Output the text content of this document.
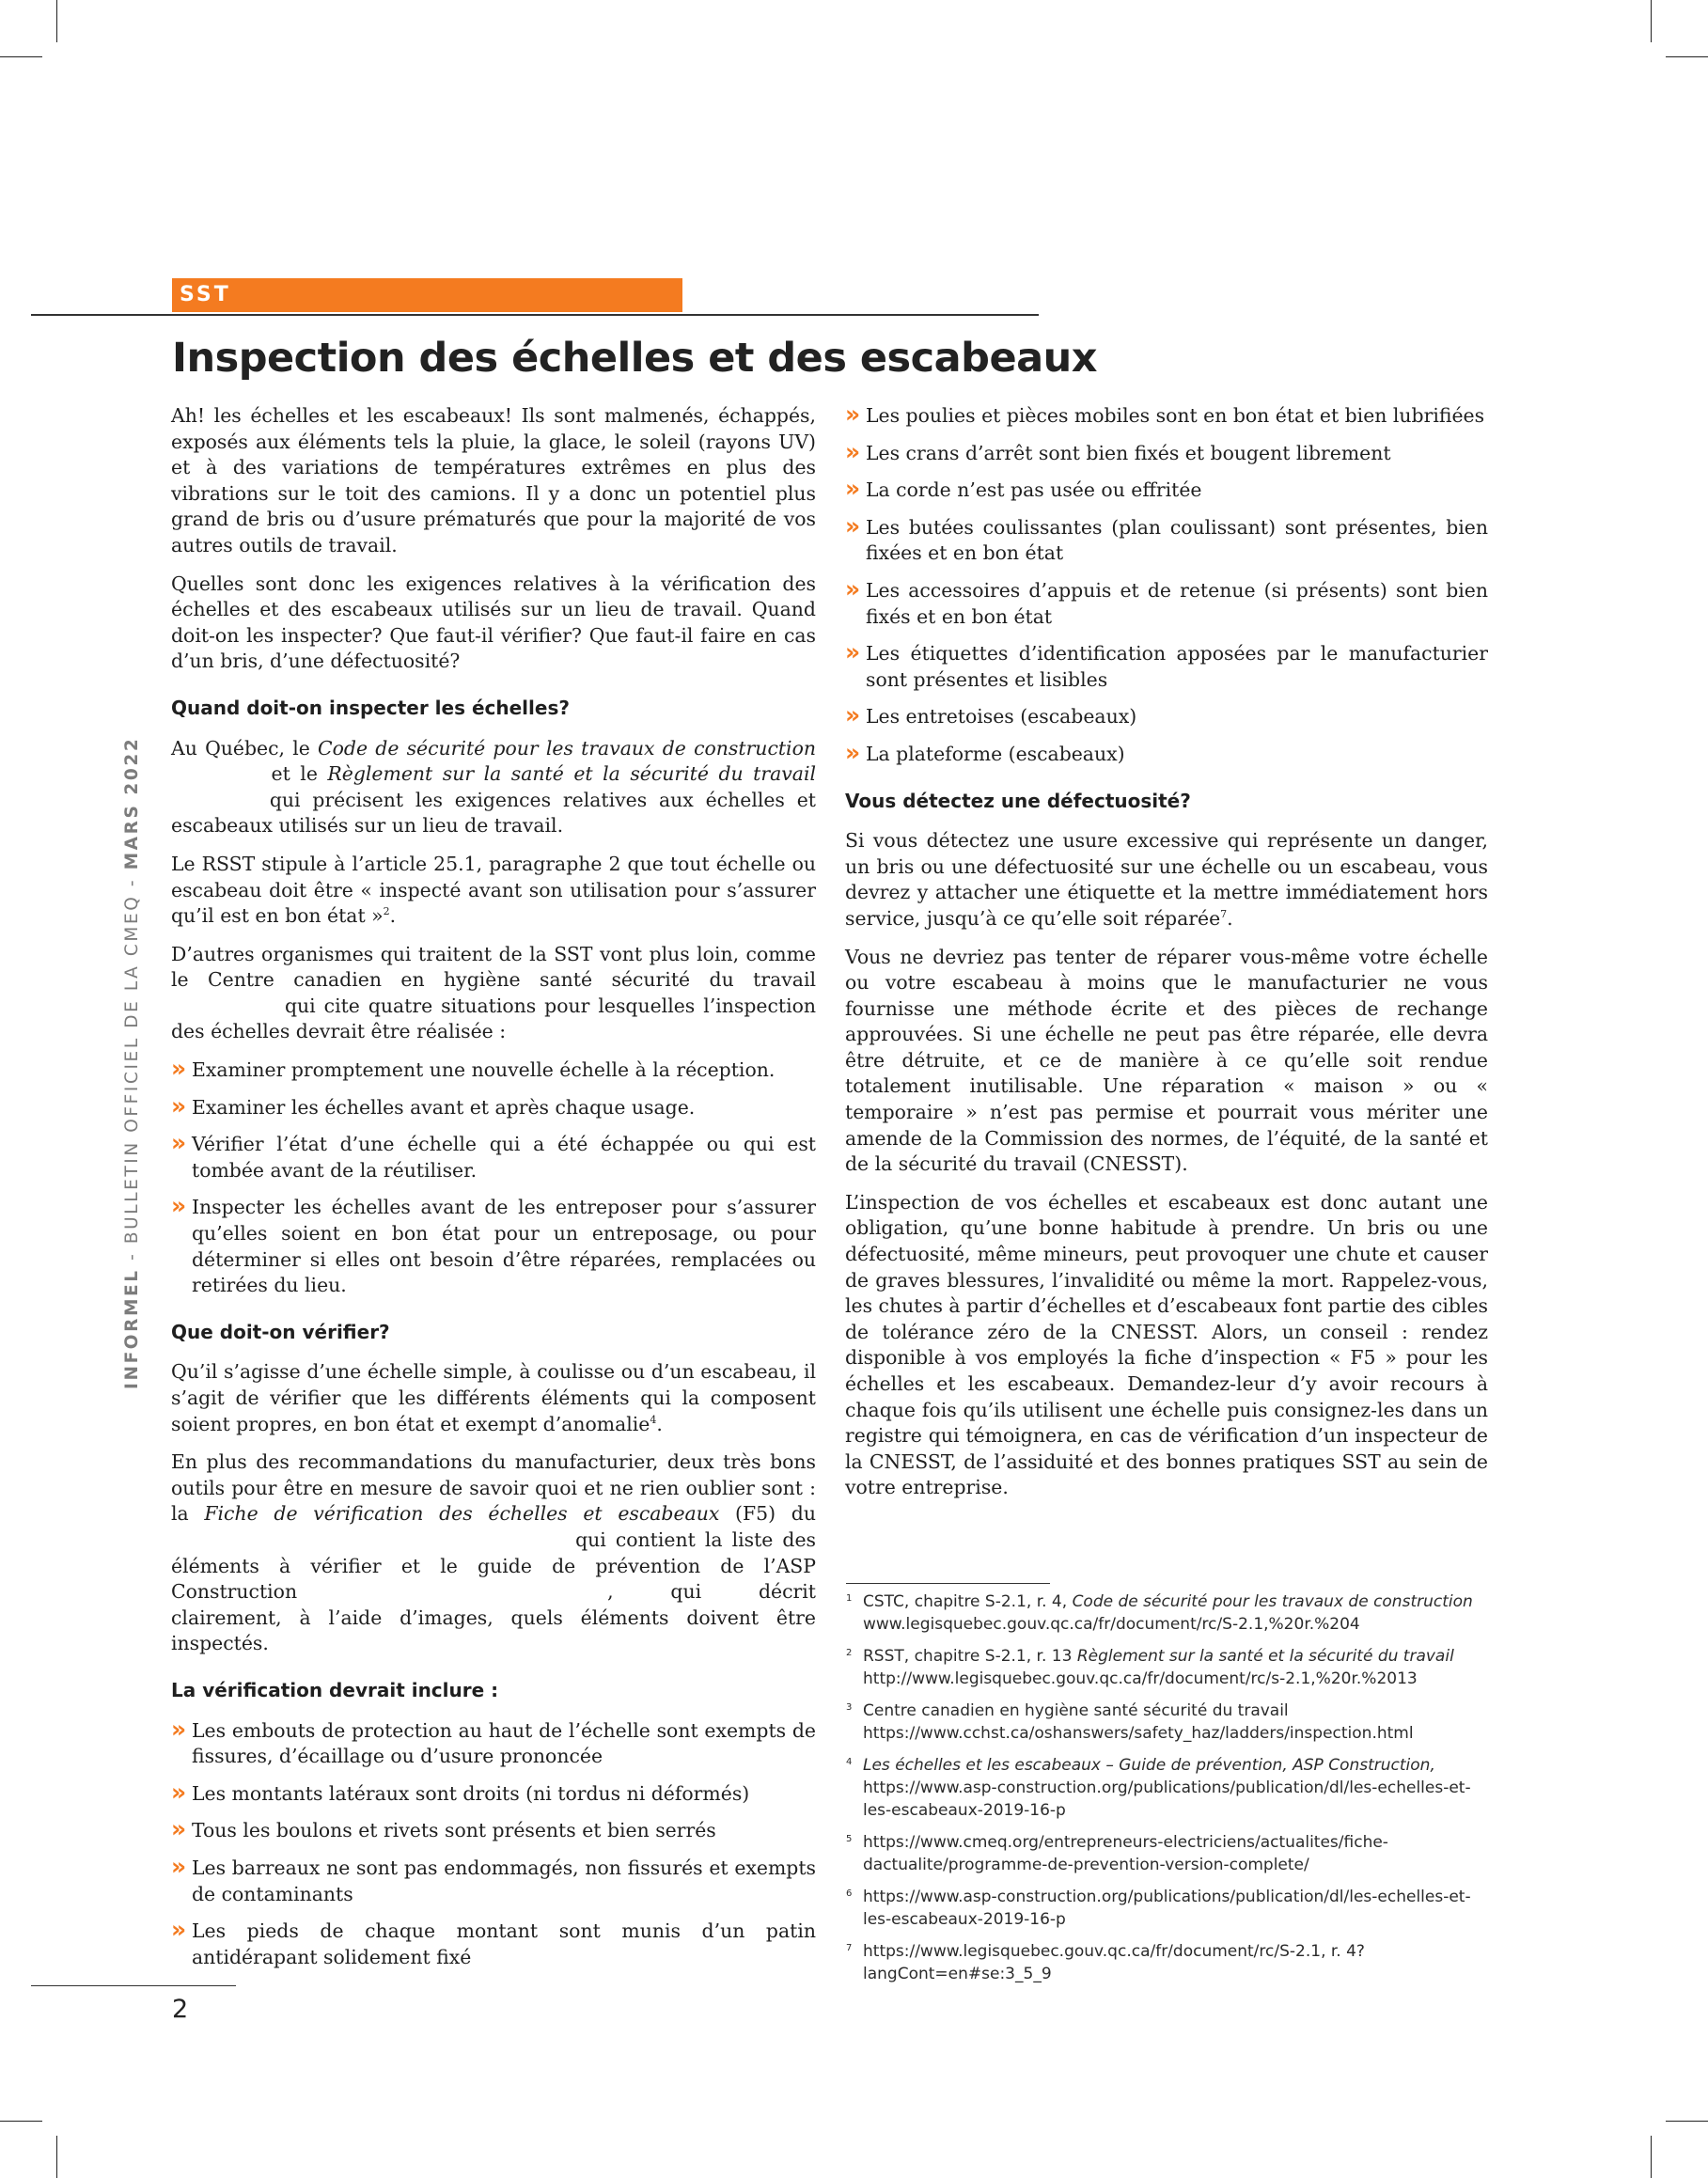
SST
Inspection des échelles et des escabeaux
INFORMEL - BULLETIN OFFICIEL DE LA CMEQ - MARS 2022

Ah! les échelles et les escabeaux! Ils sont malmenés, échappés, exposés aux éléments tels la pluie, la glace, le soleil (rayons UV) et à des variations de températures extrêmes en plus des vibrations sur le toit des camions. Il y a donc un potentiel plus grand de bris ou d’usure prématurés que pour la majorité de vos autres outils de travail.

Quelles sont donc les exigences relatives à la vérification des échelles et des escabeaux utilisés sur un lieu de travail. Quand doit-on les inspecter? Que faut-il vérifier? Que faut-il faire en cas d’un bris, d’une défectuosité?

Quand doit-on inspecter les échelles?

Au Québec, le Code de sécurité pour les travaux de construction et le Règlement sur la santé et la sécurité du travail qui précisent les exigences relatives aux échelles et escabeaux utilisés sur un lieu de travail.

Le RSST stipule à l’article 25.1, paragraphe 2 que tout échelle ou escabeau doit être « inspecté avant son utilisation pour s’assurer qu’il est en bon état »$^2$.

D’autres organismes qui traitent de la SST vont plus loin, comme le Centre canadien en hygiène santé sécurité du travail qui cite quatre situations pour lesquelles l’inspection des échelles devrait être réalisée :

» Examiner promptement une nouvelle échelle à la réception.
» Examiner les échelles avant et après chaque usage.
» Vérifier l’état d’une échelle qui a été échappée ou qui est tombée avant de la réutiliser.
» Inspecter les échelles avant de les entreposer pour s’assurer qu’elles soient en bon état pour un entreposage, ou pour déterminer si elles ont besoin d’être réparées, remplacées ou retirées du lieu.
Que doit-on vérifier?

Qu’il s’agisse d’une échelle simple, à coulisse ou d’un escabeau, il s’agit de vérifier que les différents éléments qui la composent soient propres, en bon état et exempt d’anomalie$^4$.

En plus des recommandations du manufacturier, deux très bons outils pour être en mesure de savoir quoi et ne rien oublier sont : la Fiche de vérification des échelles et escabeaux (F5) du qui contient la liste des éléments à vérifier et le guide de prévention de l’ASP Construction	, qui décrit clairement, à l’aide d’images, quels éléments doivent être inspectés.

La vérification devrait inclure :
» Les embouts de protection au haut de l’échelle sont exempts de fissures, d’écaillage ou d’usure prononcée
» Les montants latéraux sont droits (ni tordus ni déformés)
» Tous les boulons et rivets sont présents et bien serrés
» Les barreaux ne sont pas endommagés, non fissurés et exempts de contaminants
» Les pieds de chaque montant sont munis d’un patin antidérapant solidement fixé
» Les poulies et pièces mobiles sont en bon état et bien lubrifiées
» Les crans d’arrêt sont bien fixés et bougent librement
» La corde n’est pas usée ou effritée
» Les butées coulissantes (plan coulissant) sont présentes, bien fixées et en bon état
» Les accessoires d’appuis et de retenue (si présents) sont bien fixés et en bon état
» Les étiquettes d’identification apposées par le manufacturier sont présentes et lisibles
» Les entretoises (escabeaux)
» La plateforme (escabeaux)
Vous détectez une défectuosité?

Si vous détectez une usure excessive qui représente un danger, un bris ou une défectuosité sur une échelle ou un escabeau, vous devrez y attacher une étiquette et la mettre immédiatement hors service, jusqu’à ce qu’elle soit réparée$^7$.

Vous ne devriez pas tenter de réparer vous-même votre échelle ou votre escabeau à moins que le manufacturier ne vous fournisse une méthode écrite et des pièces de rechange approuvées. Si une échelle ne peut pas être réparée, elle devra être détruite, et ce de manière à ce qu’elle soit rendue totalement inutilisable. Une réparation « maison » ou « temporaire » n’est pas permise et pourrait vous mériter une amende de la Commission des normes, de l’équité, de la santé et de la sécurité du travail (CNESST).

L’inspection de vos échelles et escabeaux est donc autant une obligation, qu’une bonne habitude à prendre. Un bris ou une défectuosité, même mineurs, peut provoquer une chute et causer de graves blessures, l’invalidité ou même la mort. Rappelez-vous, les chutes à partir d’échelles et d’escabeaux font partie des cibles de tolérance zéro de la CNESST. Alors, un conseil : rendez disponible à vos employés la fiche d’inspection « F5 » pour les échelles et les escabeaux. Demandez-leur d’y avoir recours à chaque fois qu’ils utilisent une échelle puis consignez-les dans un registre qui témoignera, en cas de vérification d’un inspecteur de la CNESST, de l’assiduité et des bonnes pratiques SST au sein de votre entreprise.

1 CSTC, chapitre S-2.1, r. 4, Code de sécurité pour les travaux de construction www.legisquebec.gouv.qc.ca/fr/document/rc/S-2.1,%20r.%204
2 RSST, chapitre S-2.1, r. 13 Règlement sur la santé et la sécurité du travail http://www.legisquebec.gouv.qc.ca/fr/document/rc/s-2.1,%20r.%2013
3 Centre canadien en hygiène santé sécurité du travail https://www.cchst.ca/oshanswers/safety_haz/ladders/inspection.html
4 Les échelles et les escabeaux – Guide de prévention, ASP Construction, https://www.asp-construction.org/publications/publication/dl/les-echelles-et-les-escabeaux-2019-16-p
5 https://www.cmeq.org/entrepreneurs-electriciens/actualites/fiche-dactualite/programme-de-prevention-version-complete/
6 https://www.asp-construction.org/publications/publication/dl/les-echelles-et-les-escabeaux-2019-16-p
7 https://www.legisquebec.gouv.qc.ca/fr/document/rc/S-2.1, r. 4?langCont=en#se:3_5_9
2
